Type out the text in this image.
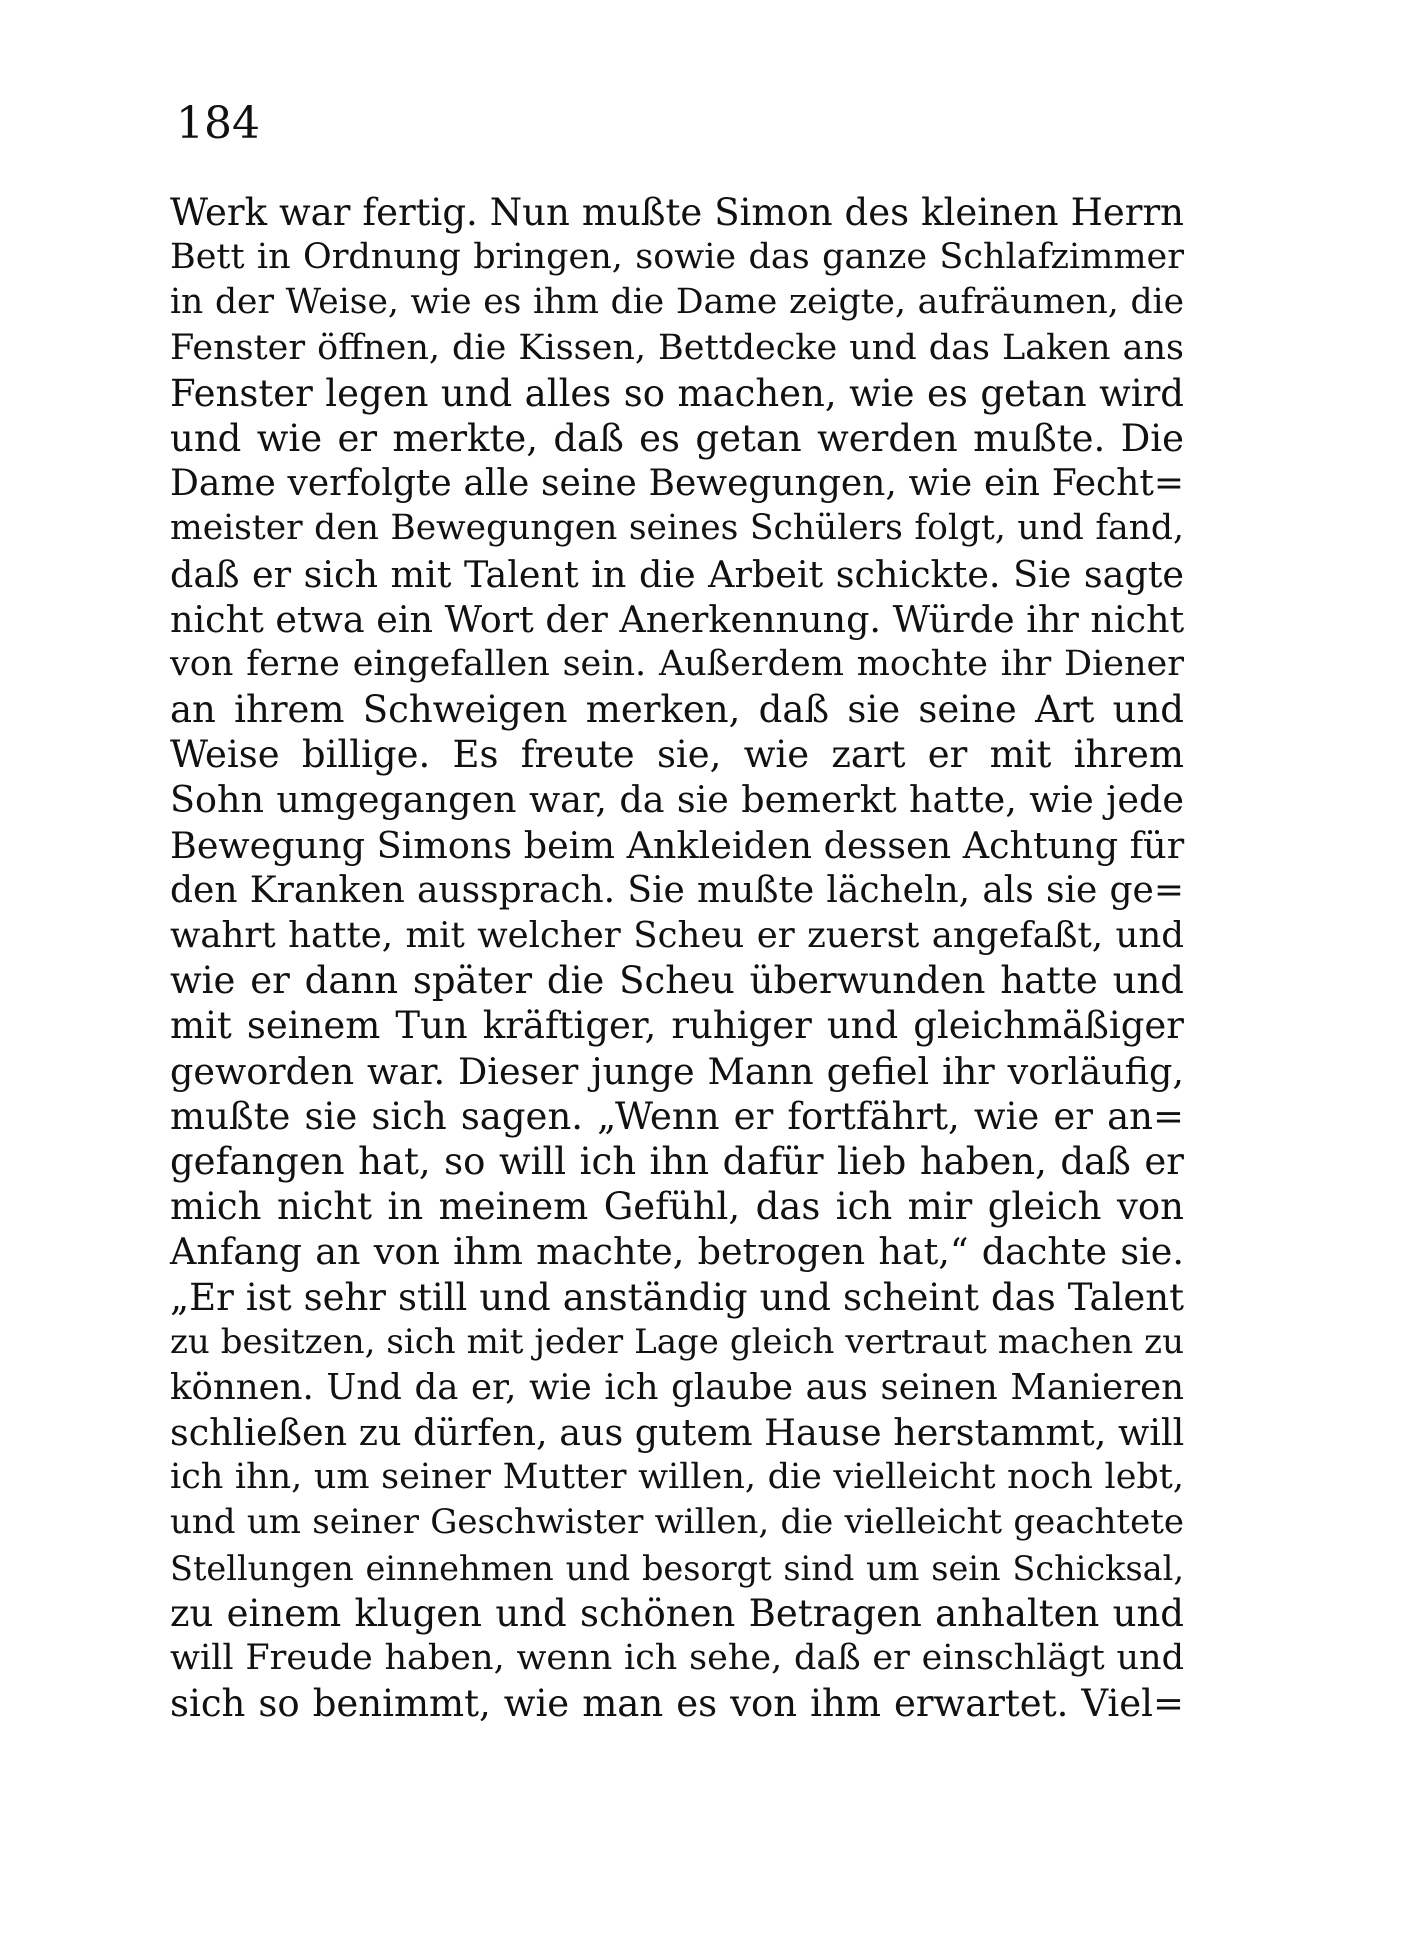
184
Werk war fertig. Nun mußte Simon des kleinen Herrn
Bett in Ordnung bringen, sowie das ganze Schlafzimmer
in der Weise, wie es ihm die Dame zeigte, aufräumen, die
Fenster öffnen, die Kissen, Bettdecke und das Laken ans
Fenster legen und alles so machen, wie es getan wird
und wie er merkte, daß es getan werden mußte. Die
Dame verfolgte alle seine Bewegungen, wie ein Fecht=
meister den Bewegungen seines Schülers folgt, und fand,
daß er sich mit Talent in die Arbeit schickte. Sie sagte
nicht etwa ein Wort der Anerkennung. Würde ihr nicht
von ferne eingefallen sein. Außerdem mochte ihr Diener
an ihrem Schweigen merken, daß sie seine Art und
Weise billige. Es freute sie, wie zart er mit ihrem
Sohn umgegangen war, da sie bemerkt hatte, wie jede
Bewegung Simons beim Ankleiden dessen Achtung für
den Kranken aussprach. Sie mußte lächeln, als sie ge=
wahrt hatte, mit welcher Scheu er zuerst angefaßt, und
wie er dann später die Scheu überwunden hatte und
mit seinem Tun kräftiger, ruhiger und gleichmäßiger
geworden war. Dieser junge Mann gefiel ihr vorläufig,
mußte sie sich sagen. „Wenn er fortfährt, wie er an=
gefangen hat, so will ich ihn dafür lieb haben, daß er
mich nicht in meinem Gefühl, das ich mir gleich von
Anfang an von ihm machte, betrogen hat,“ dachte sie.
„Er ist sehr still und anständig und scheint das Talent
zu besitzen, sich mit jeder Lage gleich vertraut machen zu
können. Und da er, wie ich glaube aus seinen Manieren
schließen zu dürfen, aus gutem Hause herstammt, will
ich ihn, um seiner Mutter willen, die vielleicht noch lebt,
und um seiner Geschwister willen, die vielleicht geachtete
Stellungen einnehmen und besorgt sind um sein Schicksal,
zu einem klugen und schönen Betragen anhalten und
will Freude haben, wenn ich sehe, daß er einschlägt und
sich so benimmt, wie man es von ihm erwartet. Viel=
